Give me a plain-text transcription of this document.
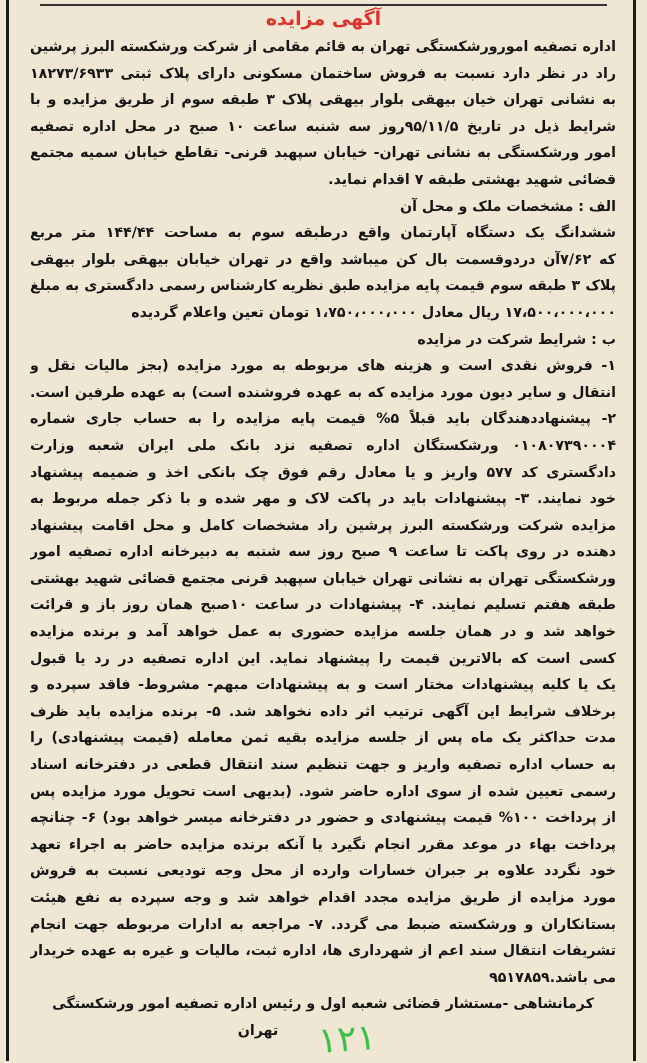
آگهی مزایده
اداره تصفیه امورورشکستگی تهران به قائم مقامی از شرکت ورشکسته البرز پرشین
راد در نظر دارد نسبت به فروش ساختمان مسکونی دارای پلاک ثبتی ۱۸۲۷۳/۶۹۳۳
به نشانی تهران خیان بیهقی بلوار بیهقی پلاک ۳ طبقه سوم از طریق مزایده و با
شرایط ذیل در تاریخ ۹۵/۱۱/۵روز سه شنبه ساعت ۱۰ صبح در محل اداره تصفیه
امور ورشکستگی به نشانی تهران- خیابان سپهبد قرنی- تقاطع خیابان سمیه مجتمع
قضائی شهید بهشتی طبقه ۷ اقدام نماید.
الف : مشخصات ملک و محل آن
ششدانگ یک دستگاه آپارتمان واقع درطبقه سوم به مساحت ۱۴۴/۴۴ متر مربع
که ۷/۶۲آن دردوقسمت بال کن میباشد واقع در تهران خیابان بیهقی بلوار بیهقی
پلاک ۳ طبقه سوم قیمت پایه مزایده طبق نظریه کارشناس رسمی دادگستری به مبلغ
۱۷،۵۰۰،۰۰۰،۰۰۰ ریال معادل ۱،۷۵۰،۰۰۰،۰۰۰ تومان تعین واعلام گردیده
ب : شرایط شرکت در مزایده
۱- فروش نقدی است و هزینه های مربوطه به مورد مزایده (بجز مالیات نقل و
انتقال و سایر دیون مورد مزایده که به عهده فروشنده است) به عهده طرفین است.
۲- پیشنهاددهندگان باید قبلاً ۵% قیمت پایه مزایده را به حساب جاری شماره
۰۱۰۸۰۷۳۹۰۰۰۴ ورشکستگان اداره تصفیه نزد بانک ملی ایران شعبه وزارت
دادگستری کد ۵۷۷ واریز و یا معادل رقم فوق چک بانکی اخذ و ضمیمه پیشنهاد
خود نمایند. ۳- پیشنهادات باید در پاکت لاک و مهر شده و با ذکر جمله مربوط به
مزایده شرکت ورشکسته البرز پرشین راد مشخصات کامل و محل اقامت پیشنهاد
دهنده در روی پاکت تا ساعت ۹ صبح روز سه شنبه به دبیرخانه اداره تصفیه امور
ورشکستگی تهران به نشانی تهران خیابان سپهبد قرنی مجتمع قضائی شهید بهشتی
طبقه هفتم تسلیم نمایند. ۴- پیشنهادات در ساعت ۱۰صبح همان روز باز و قرائت
خواهد شد و در همان جلسه مزایده حضوری به عمل خواهد آمد و برنده مزایده
کسی است که بالاترین قیمت را پیشنهاد نماید. این اداره تصفیه در رد یا قبول
یک یا کلیه پیشنهادات مختار است و به پیشنهادات مبهم- مشروط- فاقد سپرده و
برخلاف شرایط این آگهی ترتیب اثر داده نخواهد شد. ۵- برنده مزایده باید ظرف
مدت حداکثر یک ماه پس از جلسه مزایده بقیه ثمن معامله (قیمت پیشنهادی) را
به حساب اداره تصفیه واریز و جهت تنظیم سند انتقال قطعی در دفترخانه اسناد
رسمی تعیین شده از سوی اداره حاضر شود. (بدیهی است تحویل مورد مزایده پس
از پرداخت ۱۰۰% قیمت پیشنهادی و حضور در دفترخانه میسر خواهد بود) ۶- چنانچه
پرداخت بهاء در موعد مقرر انجام نگیرد یا آنکه برنده مزایده حاضر به اجراء تعهد
خود نگردد علاوه بر جبران خسارات وارده از محل وجه تودیعی نسبت به فروش
مورد مزایده از طریق مزایده مجدد اقدام خواهد شد و وجه سپرده به نفع هیئت
بستانکاران و ورشکسته ضبط می گردد. ۷- مراجعه به ادارات مربوطه جهت انجام
تشریفات انتقال سند اعم از شهرداری ها، اداره ثبت، مالیات و غیره به عهده خریدار
می باشد.۹۵۱۷۸۵۹
کرمانشاهی -مستشار قضائی شعبه اول و رئیس اداره تصفیه امور ورشکستگی
تهران	۱۲۱
